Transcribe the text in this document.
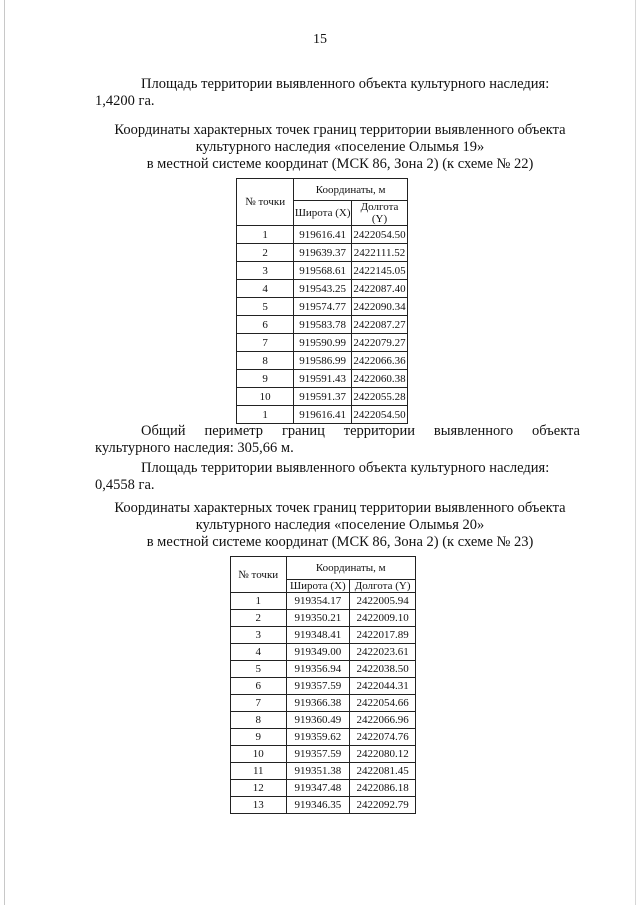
15

Площадь территории выявленного объекта культурного наследия:

1,4200 га.

Координаты характерных точек границ территории выявленного объекта

культурного наследия «поселение Олымья 19»

в местной системе координат (МСК 86, Зона 2) (к схеме № 22)

№ точки	Координаты, м	
	Широта (X)	Долгота (Y)
1	919616.41	2422054.50
2	919639.37	2422111.52
3	919568.61	2422145.05
4	919543.25	2422087.40
5	919574.77	2422090.34
6	919583.78	2422087.27
7	919590.99	2422079.27
8	919586.99	2422066.36
9	919591.43	2422060.38
10	919591.37	2422055.28
1	919616.41	2422054.50

Общий периметр границ территории выявленного объекта

культурного наследия: 305,66 м.

Площадь территории выявленного объекта культурного наследия:

0,4558 га.

Координаты характерных точек границ территории выявленного объекта

культурного наследия «поселение Олымья 20»

в местной системе координат (МСК 86, Зона 2) (к схеме № 23)

№ точки	Координаты, м	
	Широта (X)	Долгота (Y)
1	919354.17	2422005.94
2	919350.21	2422009.10
3	919348.41	2422017.89
4	919349.00	2422023.61
5	919356.94	2422038.50
6	919357.59	2422044.31
7	919366.38	2422054.66
8	919360.49	2422066.96
9	919359.62	2422074.76
10	919357.59	2422080.12
11	919351.38	2422081.45
12	919347.48	2422086.18
13	919346.35	2422092.79
